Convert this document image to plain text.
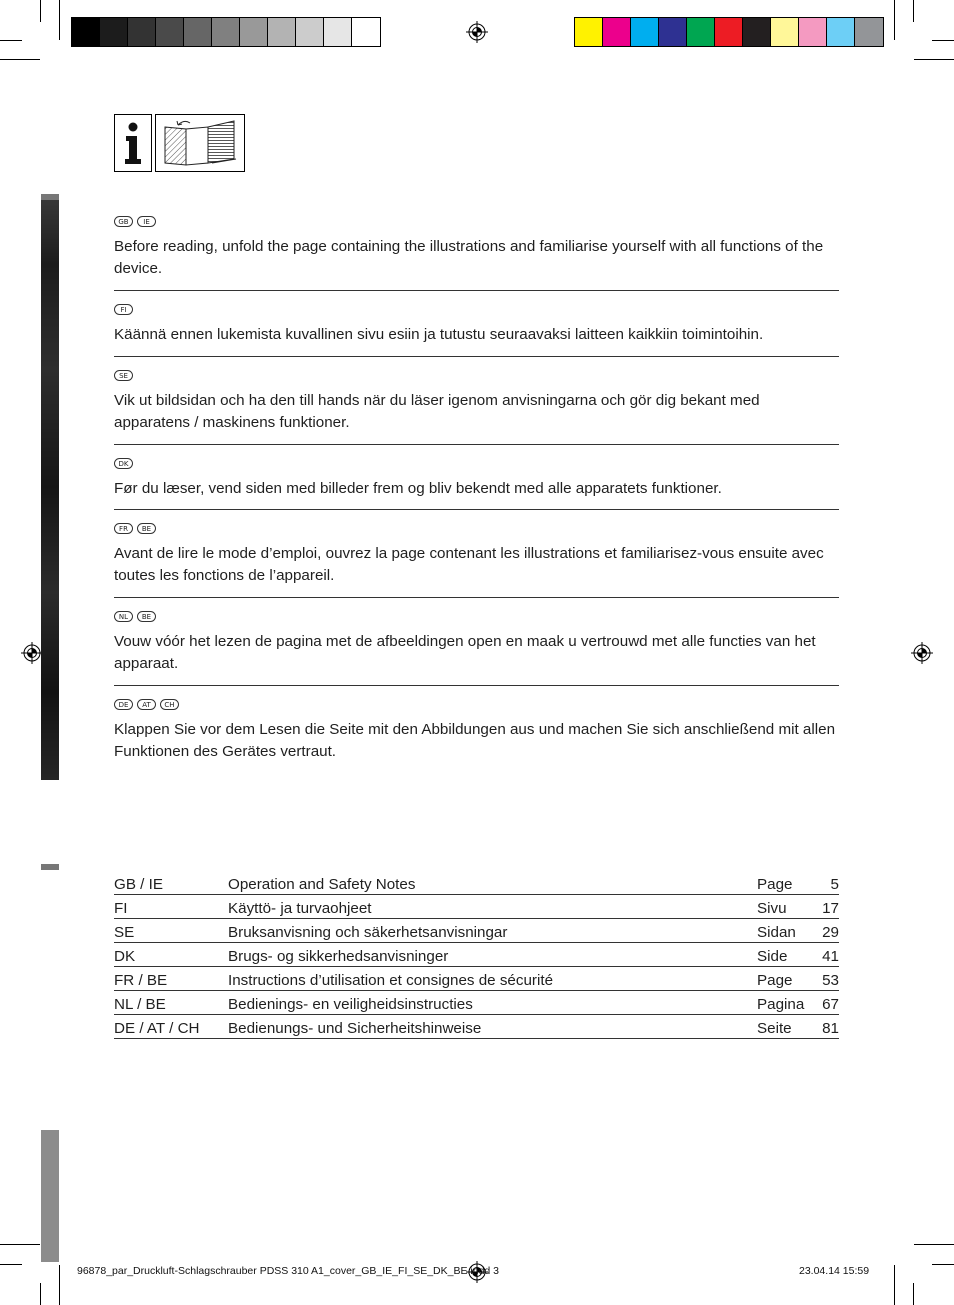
GB	IE

Before reading, unfold the page containing the illustrations and familiarise yourself with all functions of the device.

FI

Käännä ennen lukemista kuvallinen sivu esiin ja tutustu seuraavaksi laitteen kaikkiin toimintoihin.

SE

Vik ut bildsidan och ha den till hands när du läser igenom anvisningarna och gör dig bekant med apparatens / maskinens funktioner.

DK

Før du læser, vend siden med billeder frem og bliv bekendt med alle apparatets funktioner.

FR	BE

Avant de lire le mode d’emploi, ouvrez la page contenant les illustrations et familiarisez-vous ensuite avec toutes les fonctions de l’appareil.

NL	BE

Vouw vóór het lezen de pagina met de afbeeldingen open en maak u vertrouwd met alle functies van het apparaat.

DE	AT	CH

Klappen Sie vor dem Lesen die Seite mit den Abbildungen aus und machen Sie sich anschließend mit allen Funktionen des Gerätes vertraut.

GB / IE	Operation and Safety Notes	Page	5
FI	Käyttö- ja turvaohjeet	Sivu	17
SE	Bruksanvisning och säkerhetsanvisningar	Sidan	29
DK	Brugs- og sikkerhedsanvisninger	Side	41
FR / BE	Instructions d’utilisation et consignes de sécurité	Page	53
NL / BE	Bedienings- en veiligheidsinstructies	Pagina	67
DE / AT / CH	Bedienungs- und Sicherheitshinweise	Seite	81
96878_par_Druckluft-Schlagschrauber PDSS 310 A1_cover_GB_IE_FI_SE_DK_BE.indd 3	23.04.14 15:59
